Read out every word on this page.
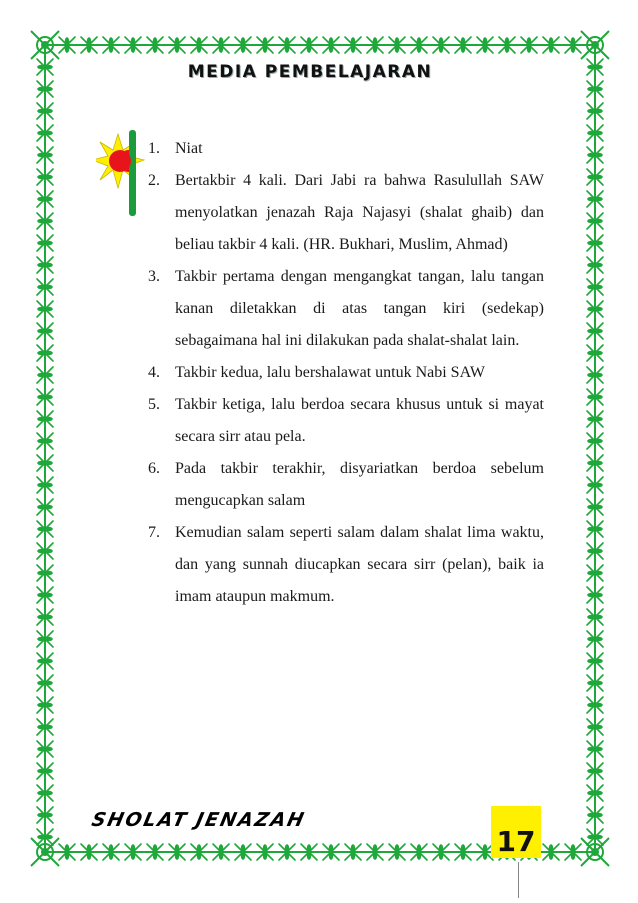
MEDIA PEMBELAJARAN
1. Niat
2. Bertakbir 4 kali. Dari Jabi ra bahwa Rasulullah SAW menyolatkan jenazah Raja Najasyi (shalat ghaib) dan beliau takbir 4 kali. (HR. Bukhari, Muslim, Ahmad)
3. Takbir pertama dengan mengangkat tangan, lalu tangan kanan diletakkan di atas tangan kiri (sedekap) sebagaimana hal ini dilakukan pada shalat-shalat lain.
4. Takbir kedua, lalu bershalawat untuk Nabi SAW
5. Takbir ketiga, lalu berdoa secara khusus untuk si mayat secara sirr atau pela.
6. Pada takbir terakhir, disyariatkan berdoa sebelum mengucapkan salam
7. Kemudian salam seperti salam dalam shalat lima waktu, dan yang sunnah diucapkan secara sirr (pelan), baik ia imam ataupun makmum.
SHOLAT JENAZAH
17
